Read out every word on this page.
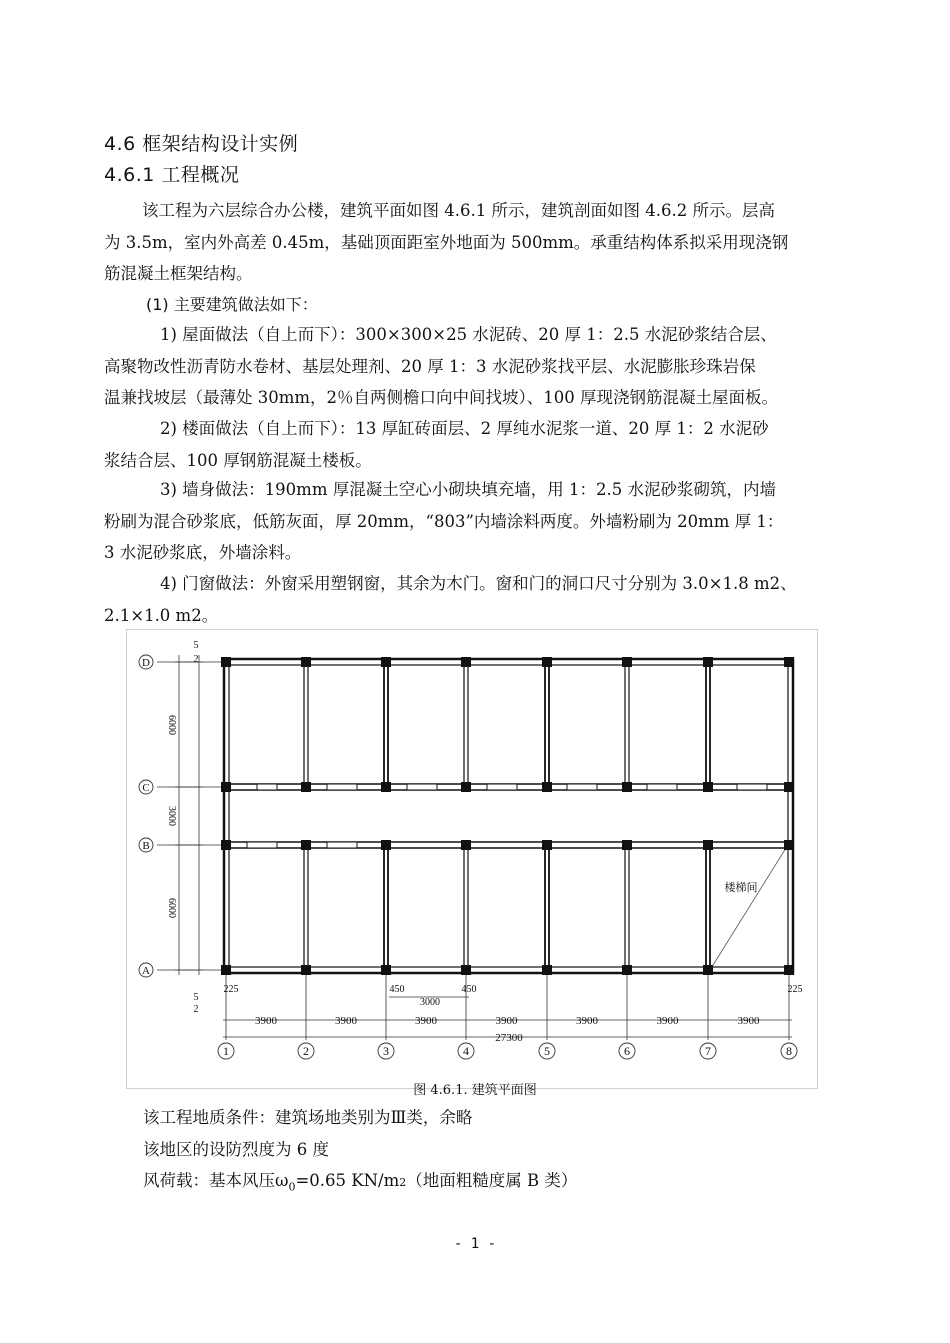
4.6 框架结构设计实例
4.6.1 工程概况
该工程为六层综合办公楼，建筑平面如图 4.6.1 所示，建筑剖面如图 4.6.2 所示。层高
为 3.5m，室内外高差 0.45m，基础顶面距室外地面为 500mm。承重结构体系拟采用现浇钢
筋混凝土框架结构。
(1) 主要建筑做法如下：
1) 屋面做法（自上而下）：300×300×25 水泥砖、20 厚 1：2.5 水泥砂浆结合层、
高聚物改性沥青防水卷材、基层处理剂、20 厚 1：3 水泥砂浆找平层、水泥膨胀珍珠岩保
温兼找坡层（最薄处 30mm，2％自两侧檐口向中间找坡）、100 厚现浇钢筋混凝土屋面板。
2) 楼面做法（自上而下）：13 厚缸砖面层、2 厚纯水泥浆一道、20 厚 1：2 水泥砂
浆结合层、100 厚钢筋混凝土楼板。
3) 墙身做法：190mm 厚混凝土空心小砌块填充墙，用 1：2.5 水泥砂浆砌筑，内墙
粉刷为混合砂浆底，低筋灰面，厚 20mm，“803”内墙涂料两度。外墙粉刷为 20mm 厚 1：
3 水泥砂浆底，外墙涂料。
4) 门窗做法：外窗采用塑钢窗，其余为木门。窗和门的洞口尺寸分别为 3.0×1.8 m2、
2.1×1.0 m2。
D
C
B
A
1	2	3	4	5	6	7	8
5
2
6000
3000
6000
5
2
225	450	450
3000
225
3900	3900	3900	3900	3900	3900	3900
27300
楼梯间
图 4.6.1. 建筑平面图
该工程地质条件：建筑场地类别为Ⅲ类，余略
该地区的设防烈度为 6 度
风荷载：基本风压$\omega_0=0.65$ KN/m2（地面粗糙度属 B 类）
- 1 -
